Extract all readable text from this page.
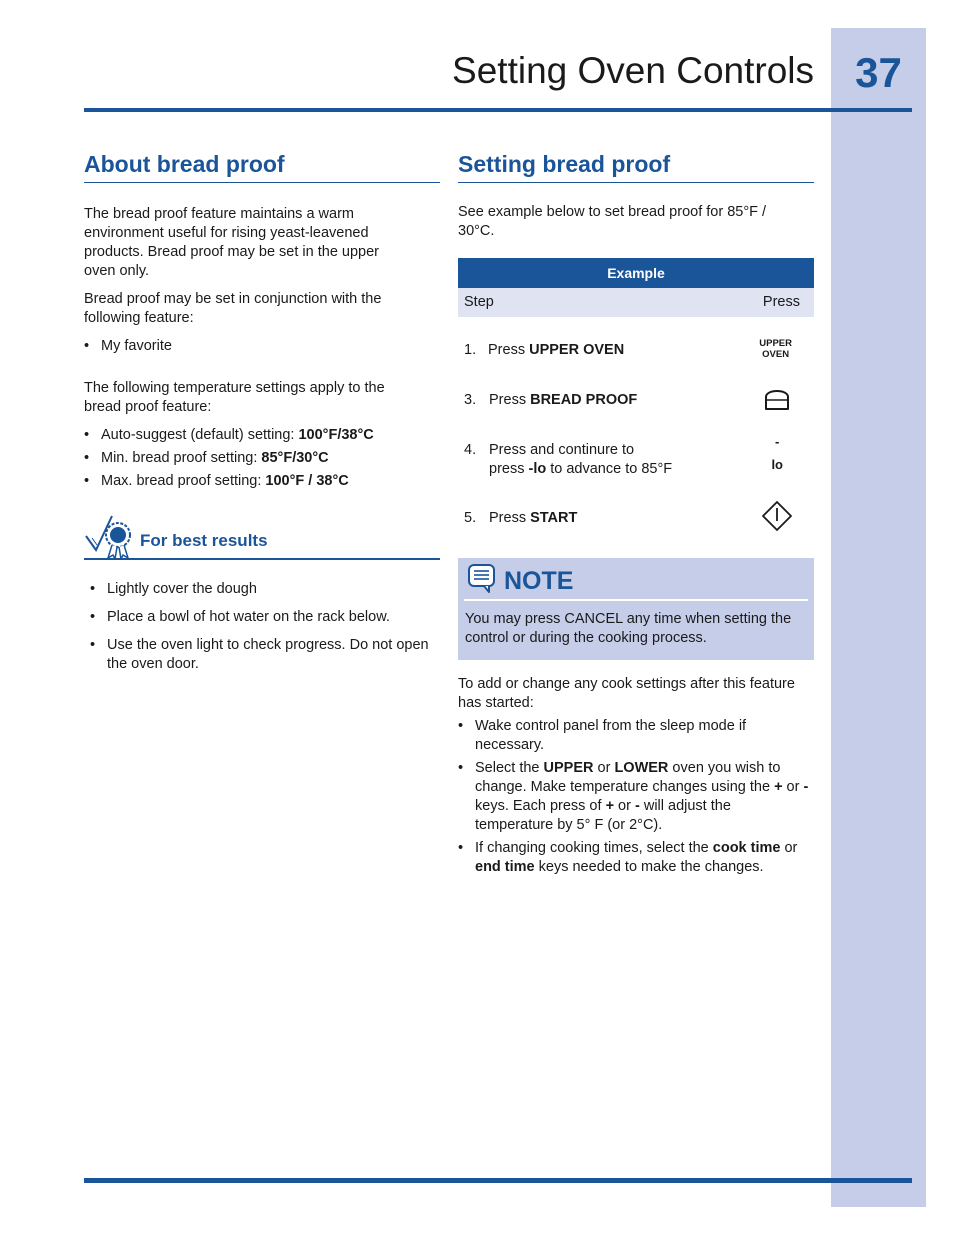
37
Setting Oven Controls
About bread proof

The bread proof feature maintains a warm environment useful for rising yeast-leavened products. Bread proof may be set in the upper oven only.

Bread proof may be set in conjunction with the following feature:

• My favorite

The following temperature settings apply to the bread proof feature:

• Auto-suggest (default) setting: 100°F/38°C
• Min. bread proof setting: 85°F/30°C
• Max. bread proof setting: 100°F / 38°C
For best results
• Lightly cover the dough
• Place a bowl of hot water on the rack below.
• Use the oven light to check progress. Do not open the oven door.
Setting bread proof
See example below to set bread proof for 85°F / 30°C.
Example
Step	Press
1. Press UPPER OVEN	UPPER
OVEN
3. Press BREAD PROOF
4. Press and continure to
press -lo to advance to 85°F
-
lo
5. Press START
NOTE
You may press CANCEL any time when setting the control or during the cooking process.

To add or change any cook settings after this feature has started:

• Wake control panel from the sleep mode if necessary.
• Select the UPPER or LOWER oven you wish to change. Make temperature changes using the + or - keys. Each press of + or - will adjust the temperature by 5° F (or 2°C).
• If changing cooking times, select the cook time or end time keys needed to make the changes.
